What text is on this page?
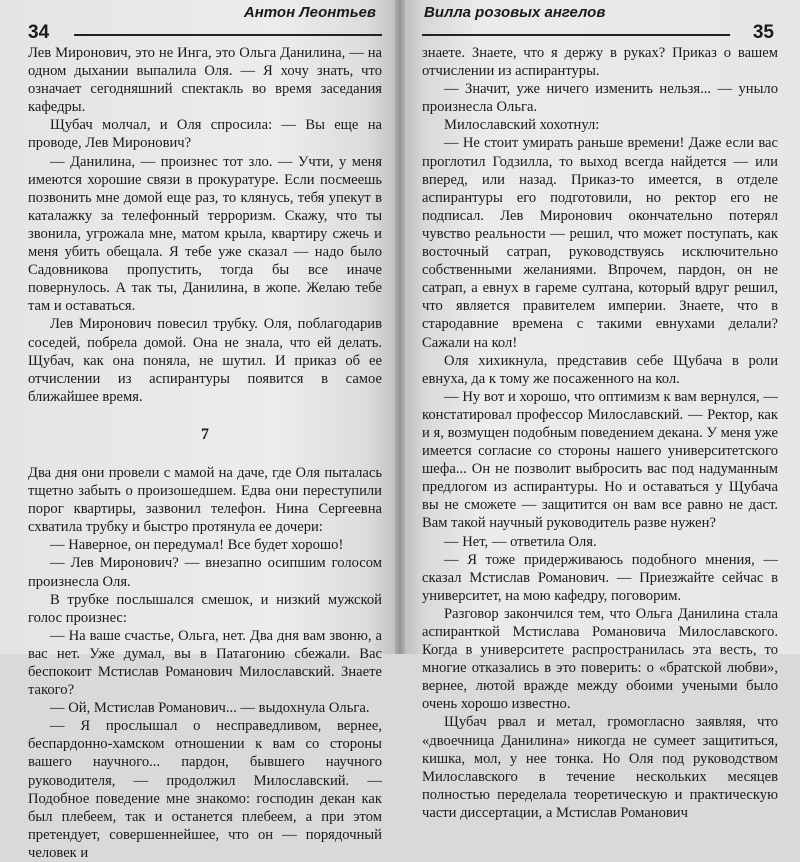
34
Антон Леонтьев

Лев Миронович, это не Инга, это Ольга Данилина, — на одном дыхании выпалила Оля. — Я хочу знать, что означает сегодняшний спектакль во время заседания кафедры.

Щубач молчал, и Оля спросила: — Вы еще на проводе, Лев Миронович?

— Данилина, — произнес тот зло. — Учти, у меня имеются хорошие связи в прокуратуре. Если посмеешь позвонить мне домой еще раз, то клянусь, тебя упекут в каталажку за телефонный терроризм. Скажу, что ты звонила, угрожала мне, матом крыла, квартиру сжечь и меня убить обещала. Я тебе уже сказал — надо было Садовникова пропустить, тогда бы все иначе повернулось. А так ты, Данилина, в жопе. Желаю тебе там и оставаться.

Лев Миронович повесил трубку. Оля, поблагодарив соседей, побрела домой. Она не знала, что ей делать. Щубач, как она поняла, не шутил. И приказ об ее отчислении из аспирантуры появится в самое ближайшее время.

7

Два дня они провели с мамой на даче, где Оля пыталась тщетно забыть о произошедшем. Едва они переступили порог квартиры, зазвонил телефон. Нина Сергеевна схватила трубку и быстро протянула ее дочери:

— Наверное, он передумал! Все будет хорошо!

— Лев Миронович? — внезапно осипшим голосом произнесла Оля.

В трубке послышался смешок, и низкий мужской голос произнес:

— На ваше счастье, Ольга, нет. Два дня вам звоню, а вас нет. Уже думал, вы в Патагонию сбежали. Вас беспокоит Мстислав Романович Милославский. Знаете такого?

— Ой, Мстислав Романович... — выдохнула Ольга.

— Я прослышал о несправедливом, вернее, беспардонно-хамском отношении к вам со стороны вашего научного... пардон, бывшего научного руководителя, — продолжил Милославский. — Подобное поведение мне знакомо: господин декан как был плебеем, так и останется плебеем, а при этом претендует, совершеннейшее, что он — порядочный человек и

Вилла розовых ангелов
35

знаете. Знаете, что я держу в руках? Приказ о вашем отчислении из аспирантуры.

— Значит, уже ничего изменить нельзя... — уныло произнесла Ольга.

Милославский хохотнул:

— Не стоит умирать раньше времени! Даже если вас проглотил Годзилла, то выход всегда найдется — или вперед, или назад. Приказ-то имеется, в отделе аспирантуры его подготовили, но ректор его не подписал. Лев Миронович окончательно потерял чувство реальности — решил, что может поступать, как восточный сатрап, руководствуясь исключительно собственными желаниями. Впрочем, пардон, он не сатрап, а евнух в гареме султана, который вдруг решил, что является правителем империи. Знаете, что в стародавние времена с такими евнухами делали? Сажали на кол!

Оля хихикнула, представив себе Щубача в роли евнуха, да к тому же посаженного на кол.

— Ну вот и хорошо, что оптимизм к вам вернулся, — констатировал профессор Милославский. — Ректор, как и я, возмущен подобным поведением декана. У меня уже имеется согласие со стороны нашего университетского шефа... Он не позволит выбросить вас под надуманным предлогом из аспирантуры. Но и оставаться у Щубача вы не сможете — защитится он вам все равно не даст. Вам такой научный руководитель разве нужен?

— Нет, — ответила Оля.

— Я тоже придерживаюсь подобного мнения, — сказал Мстислав Романович. — Приезжайте сейчас в университет, на мою кафедру, поговорим.

Разговор закончился тем, что Ольга Данилина стала аспиранткой Мстислава Романовича Милославского. Когда в университете распространилась эта весть, то многие отказались в это поверить: о «братской любви», вернее, лютой вражде между обоими учеными было очень хорошо известно.

Щубач рвал и метал, громогласно заявляя, что «двоечница Данилина» никогда не сумеет защититься, кишка, мол, у нее тонка. Но Оля под руководством Милославского в течение нескольких месяцев полностью переделала теоретическую и практическую части диссертации, а Мстислав Романович
